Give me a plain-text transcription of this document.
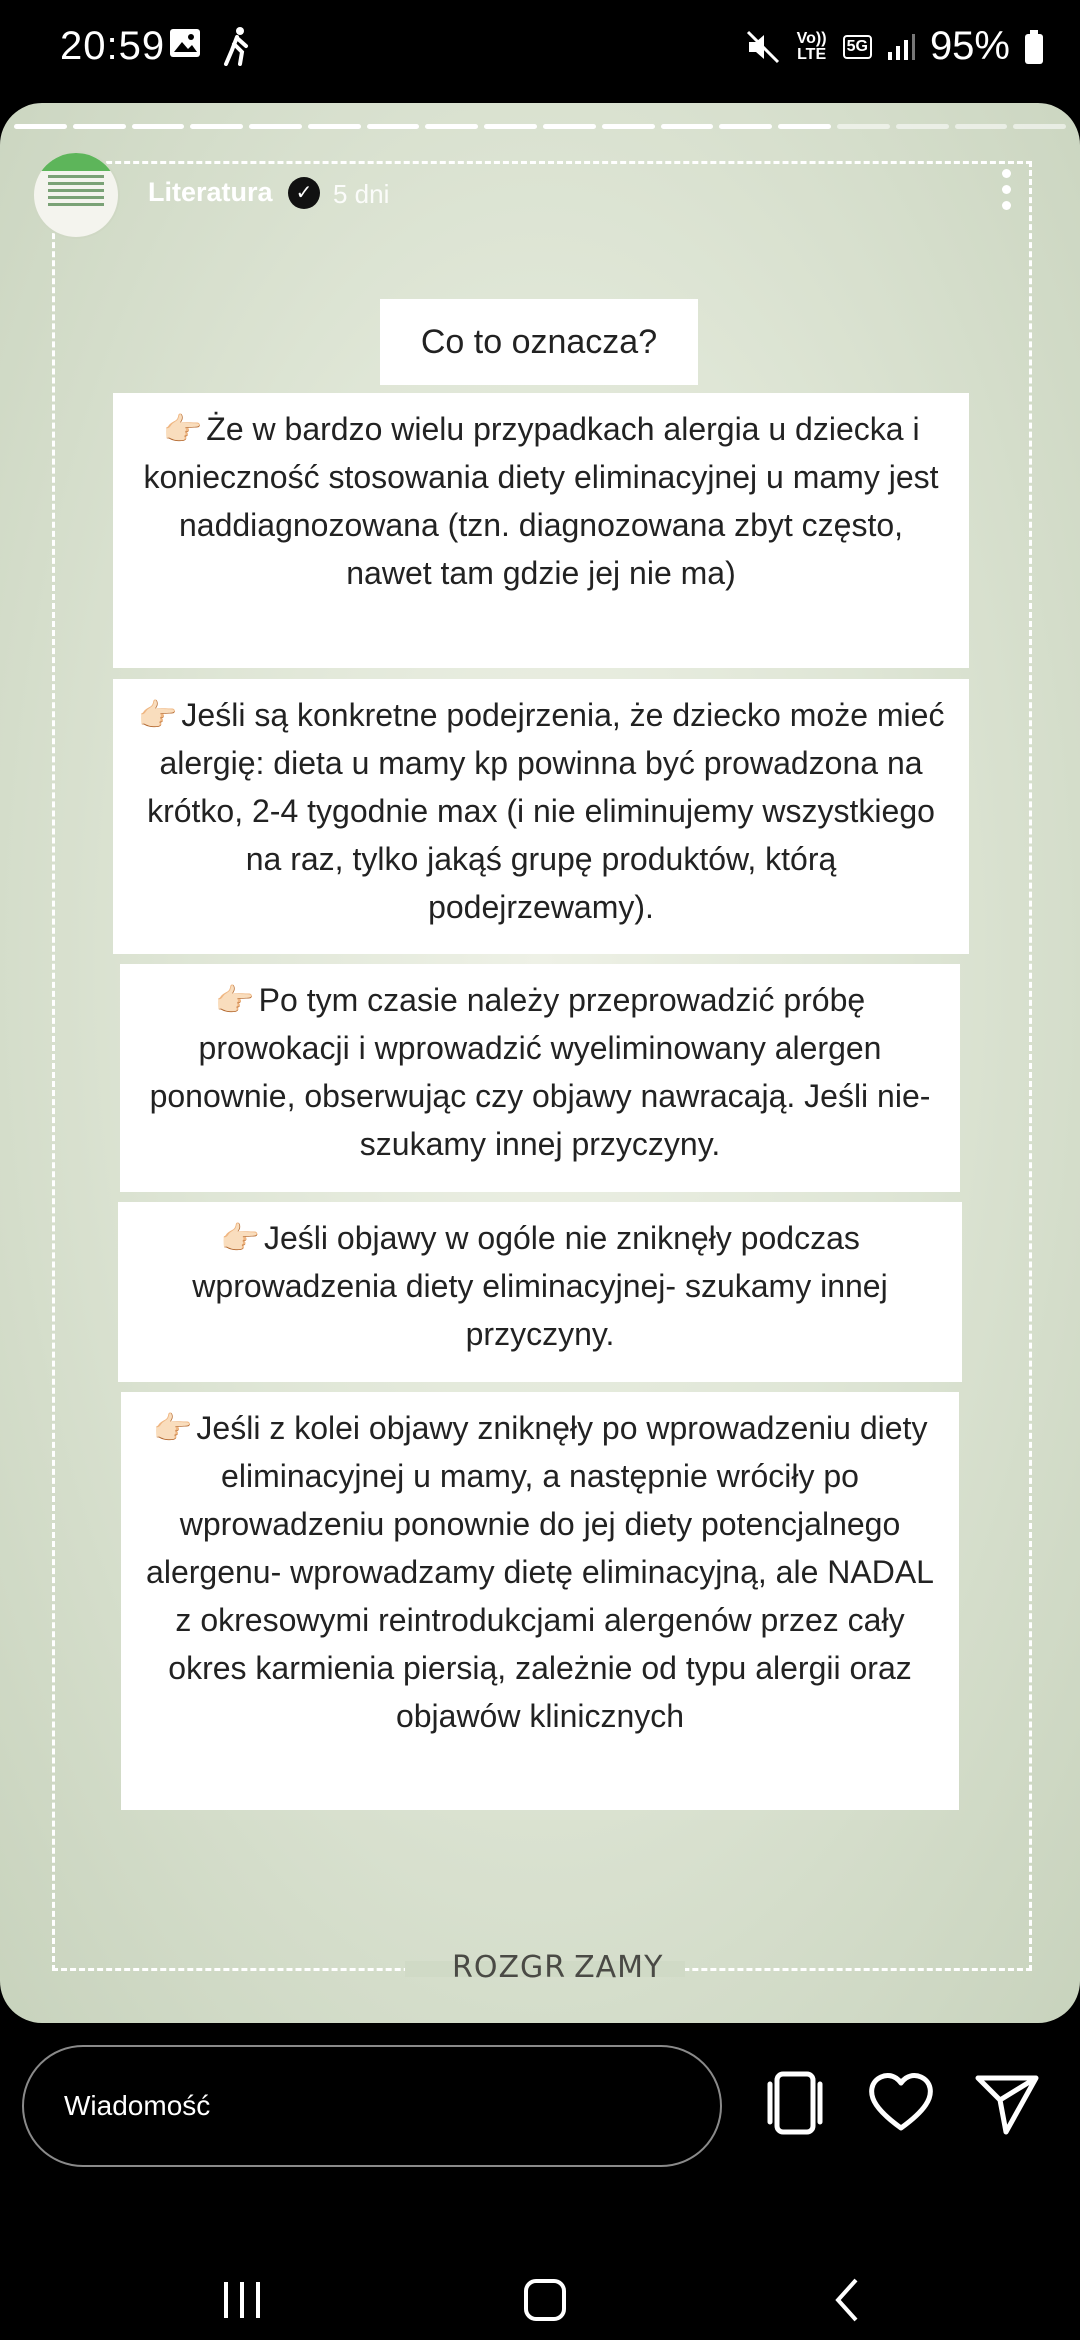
20:59	Vo)) LTE 5G 95%
Literatura	✓ 5 dni
Co to oznacza?
👉🏻 Że w bardzo wielu przypadkach alergia u dziecka i konieczność stosowania diety eliminacyjnej u mamy jest naddiagnozowana (tzn. diagnozowana zbyt często, nawet tam gdzie jej nie ma)
👉🏻 Jeśli są konkretne podejrzenia, że dziecko może mieć alergię: dieta u mamy kp powinna być prowadzona na krótko, 2-4 tygodnie max (i nie eliminujemy wszystkiego na raz, tylko jakąś grupę produktów, którą podejrzewamy).
👉🏻 Po tym czasie należy przeprowadzić próbę prowokacji i wprowadzić wyeliminowany alergen ponownie, obserwując czy objawy nawracają. Jeśli nie- szukamy innej przyczyny.
👉🏻 Jeśli objawy w ogóle nie zniknęły podczas wprowadzenia diety eliminacyjnej- szukamy innej przyczyny.
👉🏻 Jeśli z kolei objawy zniknęły po wprowadzeniu diety eliminacyjnej u mamy, a następnie wróciły po wprowadzeniu ponownie do jej diety potencjalnego alergenu- wprowadzamy dietę eliminacyjną, ale NADAL z okresowymi reintrodukcjami alergenów przez cały okres karmienia piersią, zależnie od typu alergii oraz objawów klinicznych
ROZGR ZAMY
Wiadomość
